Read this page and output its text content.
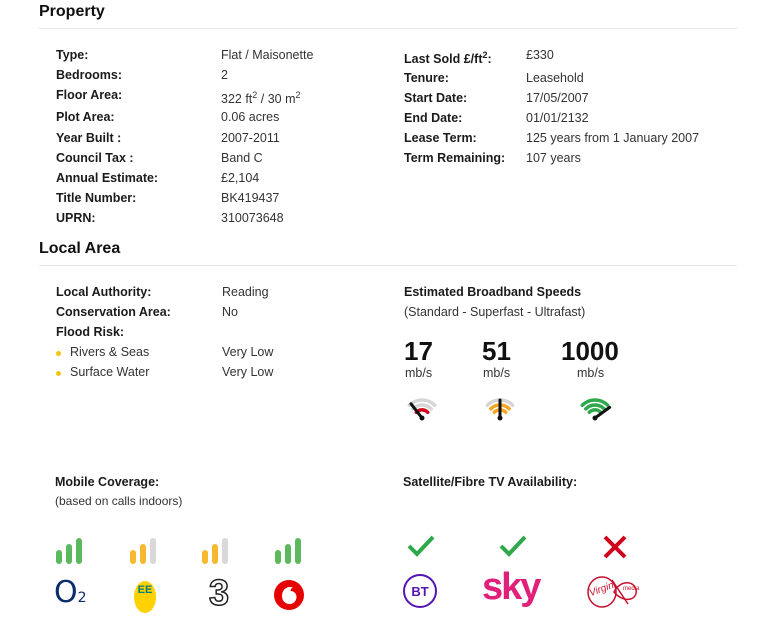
Property
Type:	Flat / Maisonette
Bedrooms:	2
Floor Area:	322 $ft^2 / 30$ $m^2$
Plot Area:	0.06 acres
Year Built :	2007-2011
Council Tax :	Band C
Annual Estimate:	£2,104
Title Number:	BK419437
UPRN:	310073648
Last Sold $£/ft^2$:	£330
Tenure:	Leasehold
Start Date:	17/05/2007
End Date:	01/01/2132
Lease Term:	125 years from 1 January 2007
Term Remaining: 107 years
Local Area
Local Authority:	Reading
Conservation Area:	No
Flood Risk:
Rivers & Seas	Very Low
Surface Water	Very Low
Estimated Broadband Speeds
(Standard - Superfast - Ultrafast)
17
mb/s
51
mb/s
1000
mb/s
Mobile Coverage:
(based on calls indoors)
O2	EE 3
Satellite/Fibre TV Availability:
BT sky	Virgin media
